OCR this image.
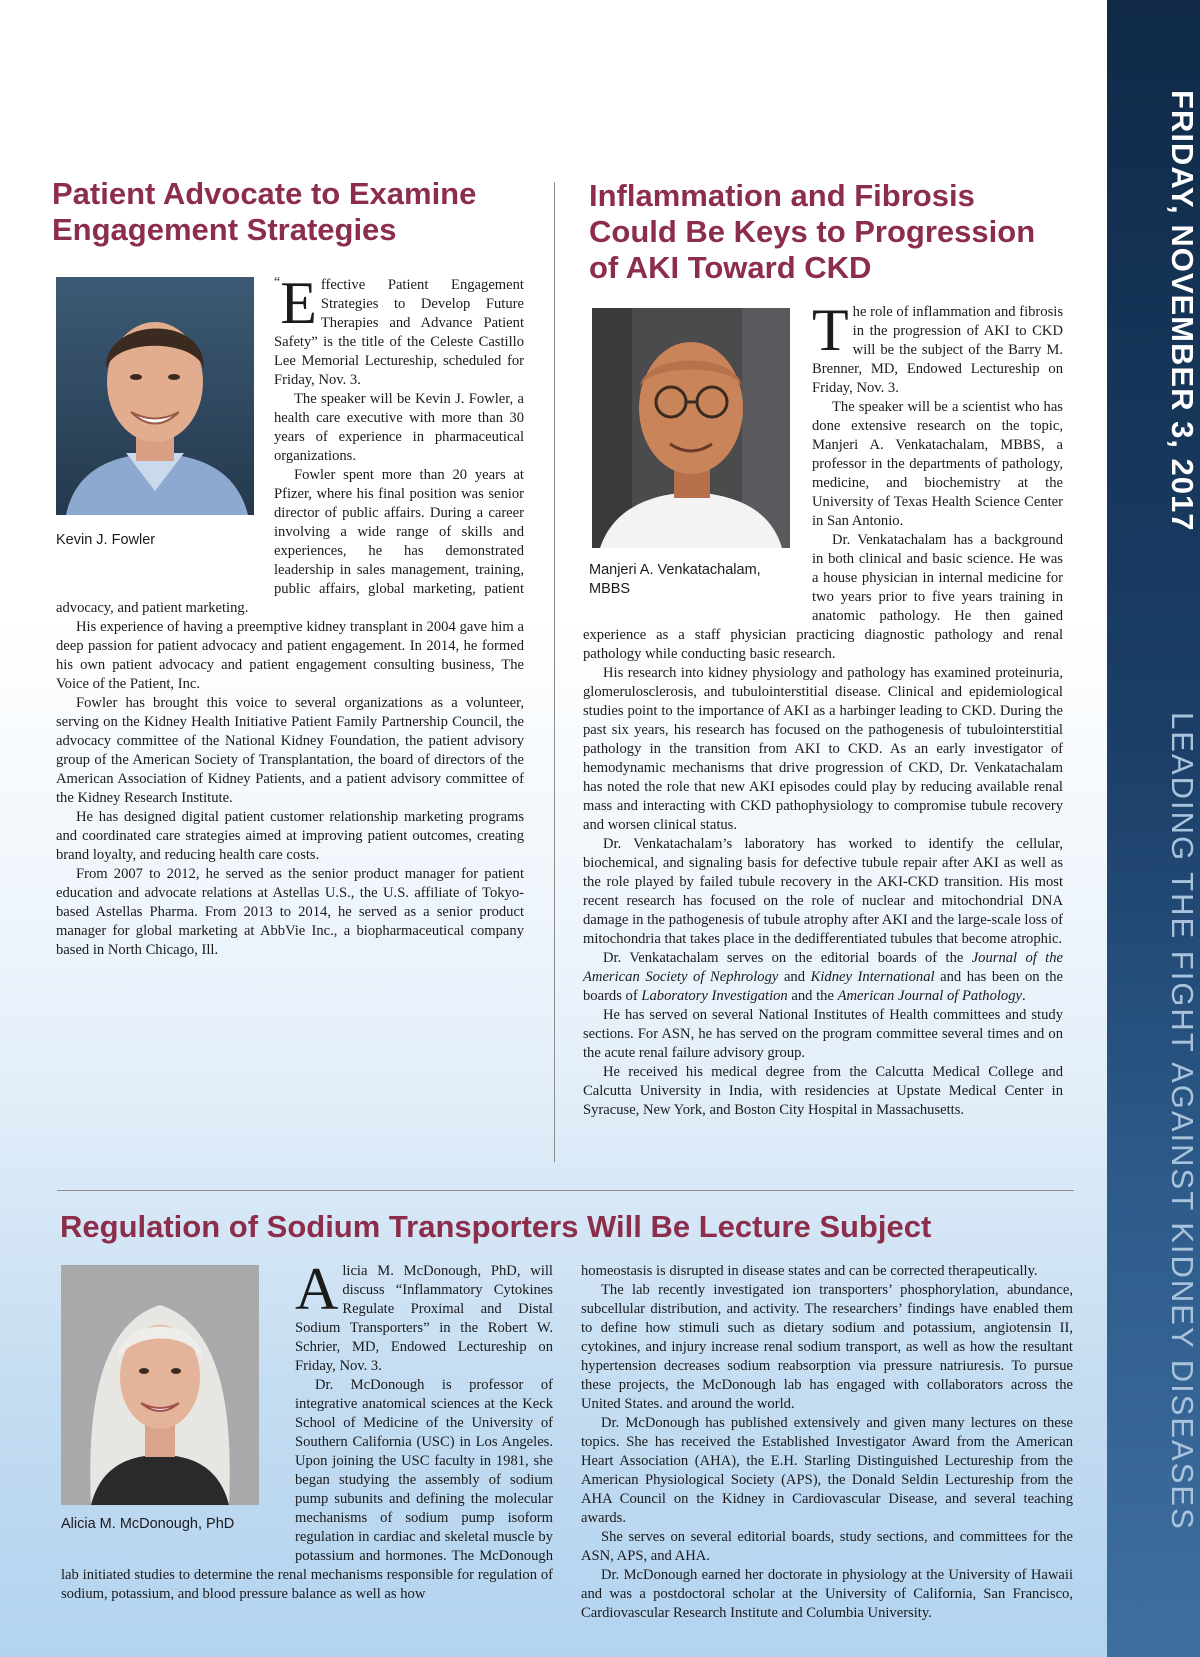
FRIDAY, NOVEMBER 3, 2017
LEADING THE FIGHT AGAINST KIDNEY DISEASES
Patient Advocate to Examine Engagement Strategies
Kevin J. Fowler

“ E ffective Patient Engagement Strategies to Develop Future Therapies and Advance Patient Safety” is the title of the Celeste Castillo Lee Memorial Lectureship, scheduled for Friday, Nov. 3.

The speaker will be Kevin J. Fowler, a health care executive with more than 30 years of experience in pharmaceutical organizations.

Fowler spent more than 20 years at Pfizer, where his final position was senior director of public affairs. During a career involving a wide range of skills and experiences, he has demonstrated leadership in sales management, training, public affairs, global marketing, patient advocacy, and patient marketing.

His experience of having a preemptive kidney transplant in 2004 gave him a deep passion for patient advocacy and patient engagement. In 2014, he formed his own patient advocacy and patient engagement consulting business, The Voice of the Patient, Inc.

Fowler has brought this voice to several organizations as a volunteer, serving on the Kidney Health Initiative Patient Family Partnership Council, the advocacy committee of the National Kidney Foundation, the patient advisory group of the American Society of Transplantation, the board of directors of the American Association of Kidney Patients, and a patient advisory committee of the Kidney Research Institute.

He has designed digital patient customer relationship marketing programs and coordinated care strategies aimed at improving patient outcomes, creating brand loyalty, and reducing health care costs.

From 2007 to 2012, he served as the senior product manager for patient education and advocate relations at Astellas U.S., the U.S. affiliate of Tokyo-based Astellas Pharma. From 2013 to 2014, he served as a senior product manager for global marketing at AbbVie Inc., a biopharmaceutical company based in North Chicago, Ill.

Inflammation and Fibrosis Could Be Keys to Progression of AKI Toward CKD
Manjeri A. Venkatachalam, MBBS

The role of inflammation and fibrosis in the progression of AKI to CKD will be the subject of the Barry M. Brenner, MD, Endowed Lectureship on Friday, Nov. 3.

The speaker will be a scientist who has done extensive research on the topic, Manjeri A. Venkatachalam, MBBS, a professor in the departments of pathology, medicine, and biochemistry at the University of Texas Health Science Center in San Antonio.

Dr. Venkatachalam has a background in both clinical and basic science. He was a house physician in internal medicine for two years prior to five years training in anatomic pathology. He then gained experience as a staff physician practicing diagnostic pathology and renal pathology while conducting basic research.

His research into kidney physiology and pathology has examined proteinuria, glomerulosclerosis, and tubulointerstitial disease. Clinical and epidemiological studies point to the importance of AKI as a harbinger leading to CKD. During the past six years, his research has focused on the pathogenesis of tubulointerstitial pathology in the transition from AKI to CKD. As an early investigator of hemodynamic mechanisms that drive progression of CKD, Dr. Venkatachalam has noted the role that new AKI episodes could play by reducing available renal mass and interacting with CKD pathophysiology to compromise tubule recovery and worsen clinical status.

Dr. Venkatachalam’s laboratory has worked to identify the cellular, biochemical, and signaling basis for defective tubule repair after AKI as well as the role played by failed tubule recovery in the AKI-CKD transition. His most recent research has focused on the role of nuclear and mitochondrial DNA damage in the pathogenesis of tubule atrophy after AKI and the large-scale loss of mitochondria that takes place in the dedifferentiated tubules that become atrophic.

Dr. Venkatachalam serves on the editorial boards of the Journal of the American Society of Nephrology and Kidney International and has been on the boards of Laboratory Investigation and the American Journal of Pathology.

He has served on several National Institutes of Health committees and study sections. For ASN, he has served on the program committee several times and on the acute renal failure advisory group.

He received his medical degree from the Calcutta Medical College and Calcutta University in India, with residencies at Upstate Medical Center in Syracuse, New York, and Boston City Hospital in Massachusetts.

Regulation of Sodium Transporters Will Be Lecture Subject
Alicia M. McDonough, PhD

Alicia M. McDonough, PhD, will discuss “Inflammatory Cytokines Regulate Proximal and Distal Sodium Transporters” in the Robert W. Schrier, MD, Endowed Lectureship on Friday, Nov. 3.

Dr. McDonough is professor of integrative anatomical sciences at the Keck School of Medicine of the University of Southern California (USC) in Los Angeles. Upon joining the USC faculty in 1981, she began studying the assembly of sodium pump subunits and defining the molecular mechanisms of sodium pump isoform regulation in cardiac and skeletal muscle by potassium and hormones. The McDonough lab initiated studies to determine the renal mechanisms responsible for regulation of sodium, potassium, and blood pressure balance as well as how

homeostasis is disrupted in disease states and can be corrected therapeutically.

The lab recently investigated ion transporters’ phosphorylation, abundance, subcellular distribution, and activity. The researchers’ findings have enabled them to define how stimuli such as dietary sodium and potassium, angiotensin II, cytokines, and injury increase renal sodium transport, as well as how the resultant hypertension decreases sodium reabsorption via pressure natriuresis. To pursue these projects, the McDonough lab has engaged with collaborators across the United States. and around the world.

Dr. McDonough has published extensively and given many lectures on these topics. She has received the Established Investigator Award from the American Heart Association (AHA), the E.H. Starling Distinguished Lectureship from the American Physiological Society (APS), the Donald Seldin Lectureship from the AHA Council on the Kidney in Cardiovascular Disease, and several teaching awards.

She serves on several editorial boards, study sections, and committees for the ASN, APS, and AHA.

Dr. McDonough earned her doctorate in physiology at the University of Hawaii and was a postdoctoral scholar at the University of California, San Francisco, Cardiovascular Research Institute and Columbia University.
